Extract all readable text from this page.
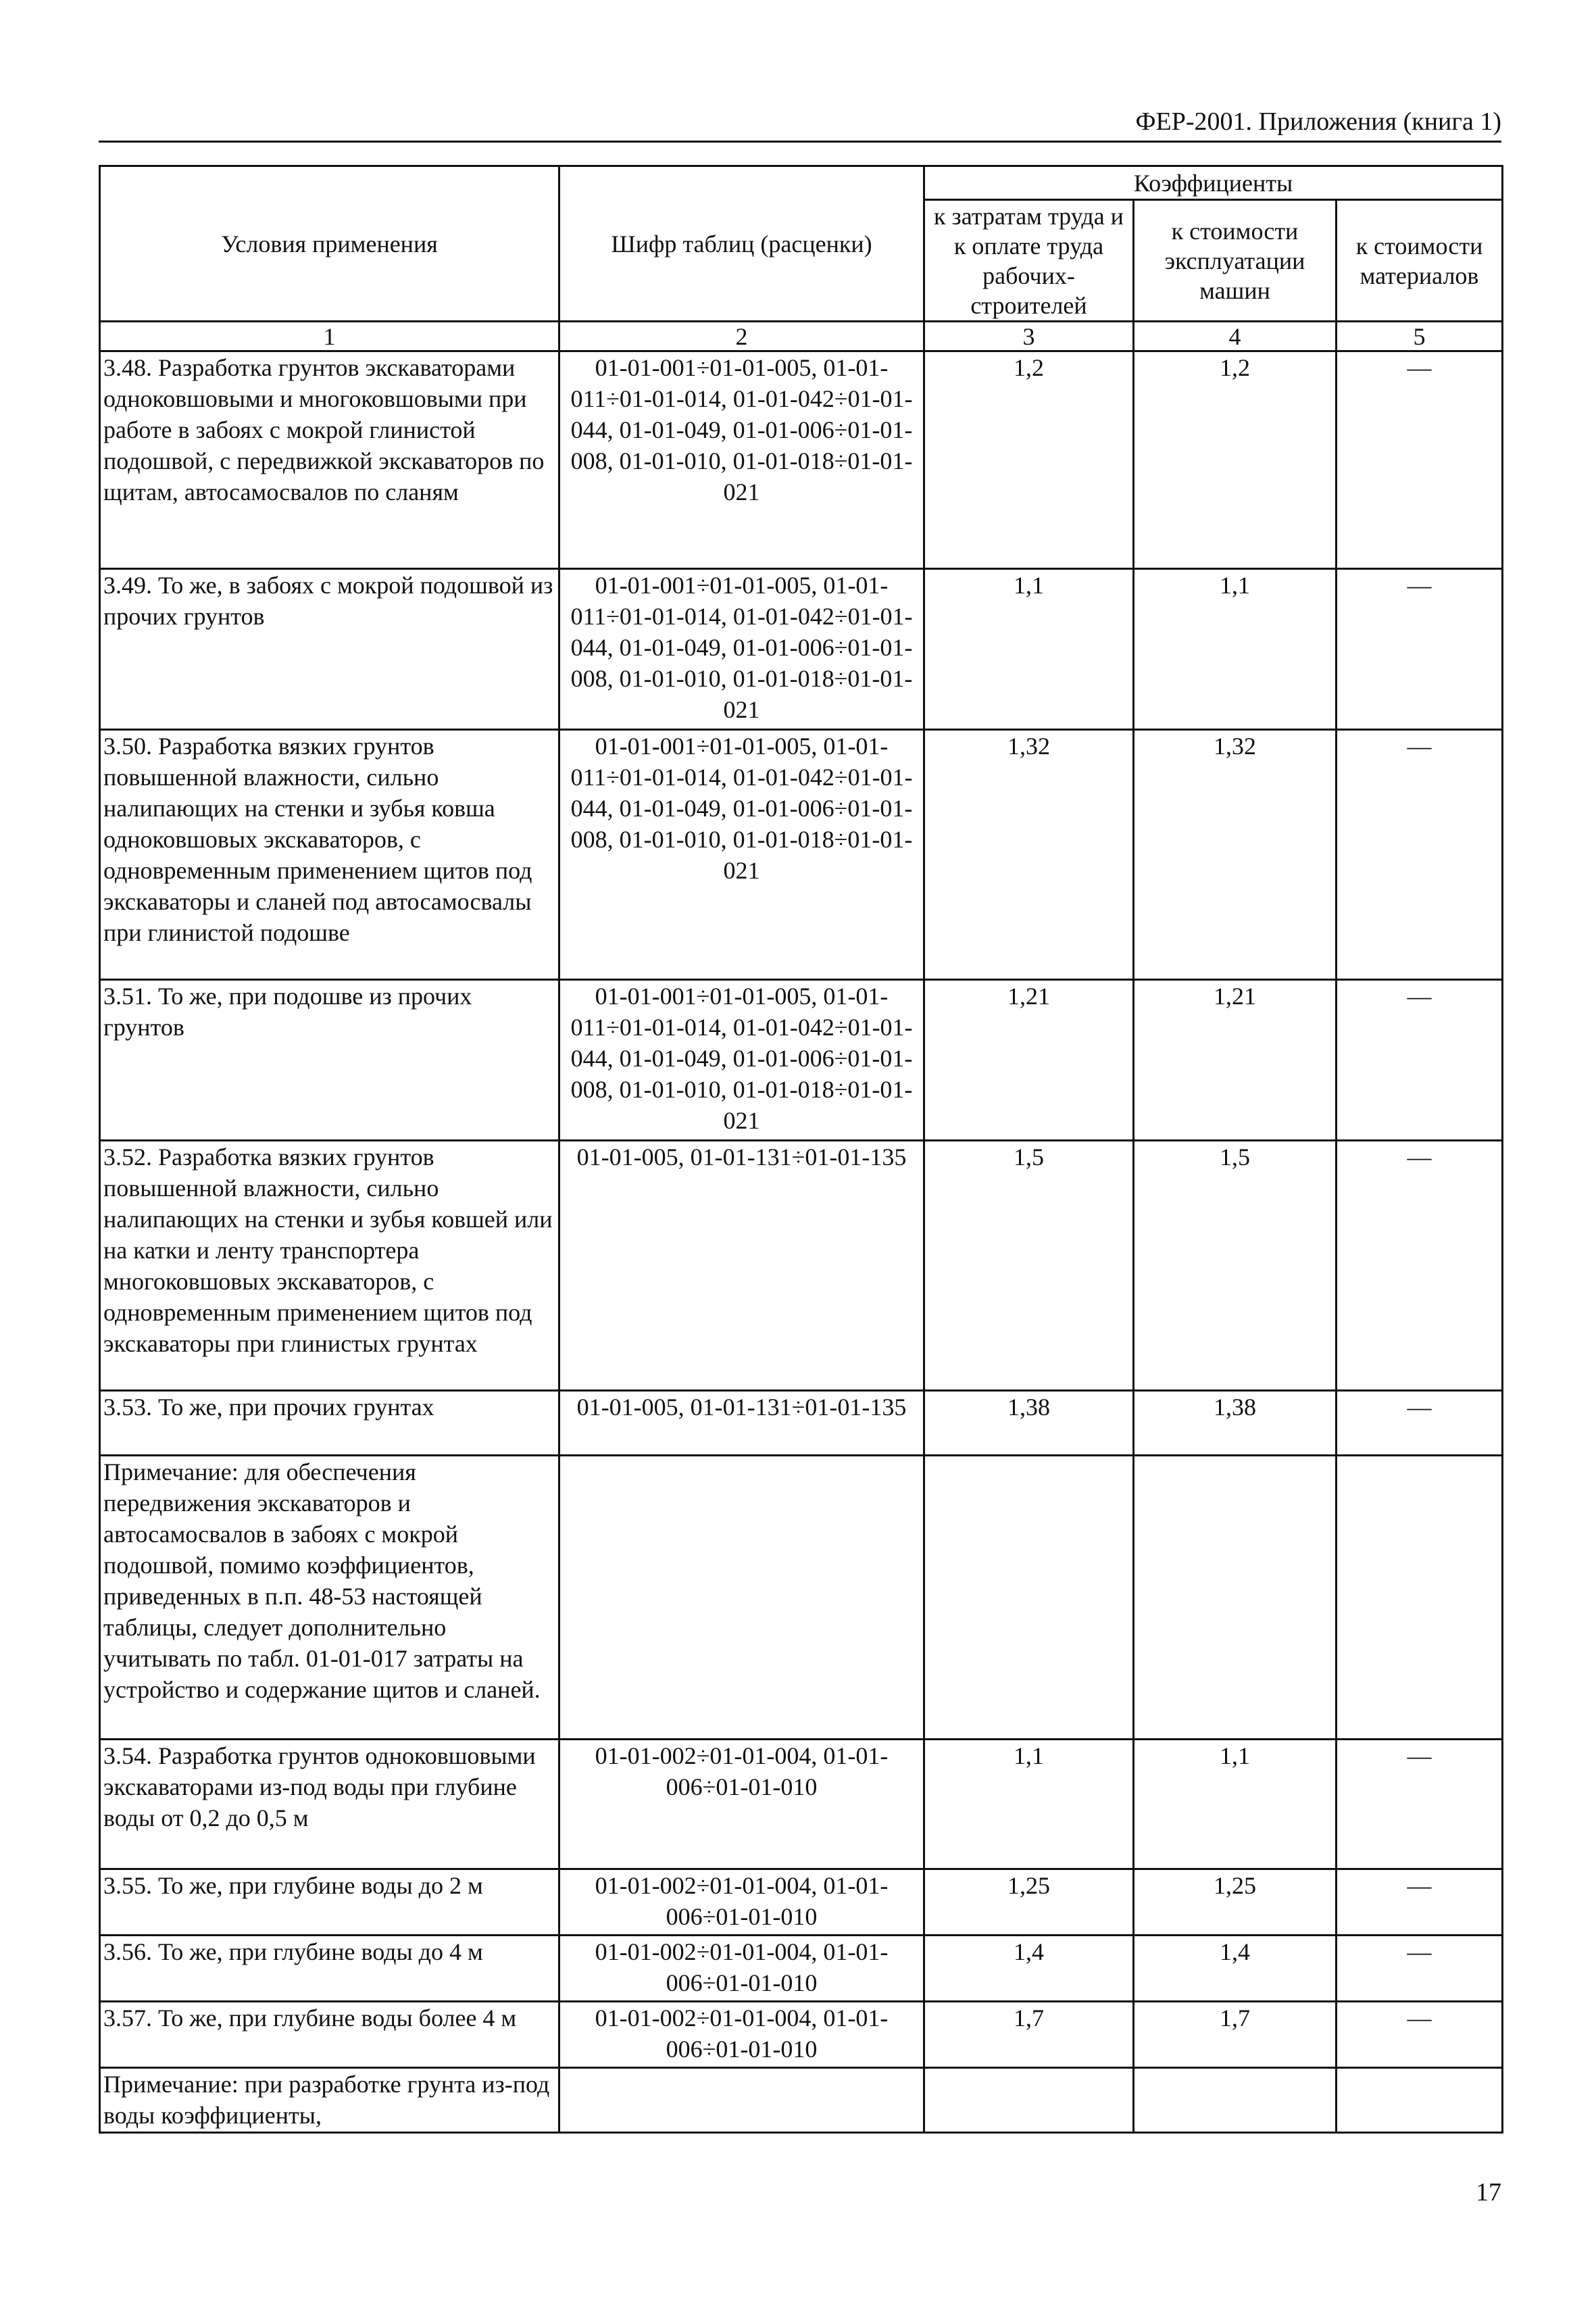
ФЕР-2001. Приложения (книга 1)
Условия применения	Шифр таблиц (расценки)	Коэффициенты		
		к затратам труда и к оплате труда рабочих-строителей	к стоимости эксплуатации машин	к стоимости материалов
1	2	3	4	5
3.48. Разработка грунтов экскаваторами одноковшовыми и многоковшовыми при работе в забоях с мокрой глинистой подошвой, с передвижкой экскаваторов по щитам, автосамосвалов по сланям	01-01-001÷01-01-005, 01-01-011÷01-01-014, 01-01-042÷01-01-044, 01-01-049, 01-01-006÷01-01-008, 01-01-010, 01-01-018÷01-01-021	1,2	1,2	—
3.49. То же, в забоях с мокрой подошвой из прочих грунтов	01-01-001÷01-01-005, 01-01-011÷01-01-014, 01-01-042÷01-01-044, 01-01-049, 01-01-006÷01-01-008, 01-01-010, 01-01-018÷01-01-021	1,1	1,1	—
3.50. Разработка вязких грунтов повышенной влажности, сильно налипающих на стенки и зубья ковша одноковшовых экскаваторов, с одновременным применением щитов под экскаваторы и сланей под автосамосвалы при глинистой подошве	01-01-001÷01-01-005, 01-01-011÷01-01-014, 01-01-042÷01-01-044, 01-01-049, 01-01-006÷01-01-008, 01-01-010, 01-01-018÷01-01-021	1,32	1,32	—
3.51. То же, при подошве из прочих грунтов	01-01-001÷01-01-005, 01-01-011÷01-01-014, 01-01-042÷01-01-044, 01-01-049, 01-01-006÷01-01-008, 01-01-010, 01-01-018÷01-01-021	1,21	1,21	—
3.52. Разработка вязких грунтов повышенной влажности, сильно налипающих на стенки и зубья ковшей или на катки и ленту транспортера многоковшовых экскаваторов, с одновременным применением щитов под экскаваторы при глинистых грунтах	01-01-005, 01-01-131÷01-01-135	1,5	1,5	—
3.53. То же, при прочих грунтах	01-01-005, 01-01-131÷01-01-135	1,38	1,38	—
Примечание: для обеспечения передвижения экскаваторов и автосамосвалов в забоях с мокрой подошвой, помимо коэффициентов, приведенных в п.п. 48-53 настоящей таблицы, следует дополнительно учитывать по табл. 01-01-017 затраты на устройство и содержание щитов и сланей.				
3.54. Разработка грунтов одноковшовыми экскаваторами из-под воды при глубине воды от 0,2 до 0,5 м	01-01-002÷01-01-004, 01-01-006÷01-01-010	1,1	1,1	—
3.55. То же, при глубине воды до 2 м	01-01-002÷01-01-004, 01-01-006÷01-01-010	1,25	1,25	—
3.56. То же, при глубине воды до 4 м	01-01-002÷01-01-004, 01-01-006÷01-01-010	1,4	1,4	—
3.57. То же, при глубине воды более 4 м	01-01-002÷01-01-004, 01-01-006÷01-01-010	1,7	1,7	—
Примечание: при разработке грунта из-под воды коэффициенты,				
17
